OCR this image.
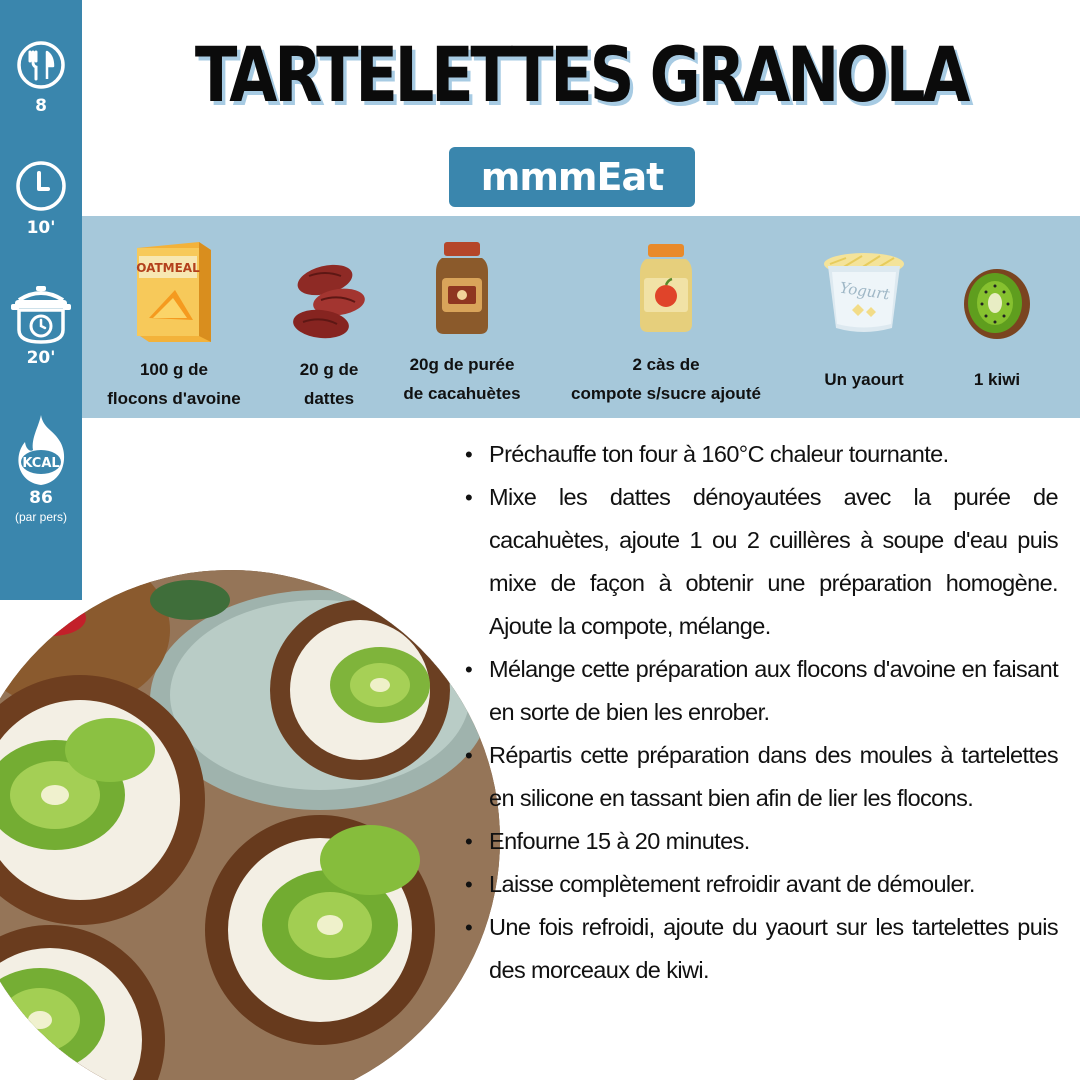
8
10'
20'
KCAL
86
(par pers)
TARTELETTES GRANOLA
mmmEat
OATMEAL
100 g de
flocons d'avoine
20 g de
dattes
20g de purée
de cacahuètes
2 càs de
compote s/sucre ajouté
Yogurt
Un yaourt	1 kiwi
• Préchauffe ton four à 160°C chaleur tournante.
• Mixe les dattes dénoyautées avec la purée de cacahuètes, ajoute 1 ou 2 cuillères à soupe d'eau puis mixe de façon à obtenir une préparation homogène. Ajoute la compote, mélange.
• Mélange cette préparation aux flocons d'avoine en faisant en sorte de bien les enrober.
• Répartis cette préparation dans des moules à tartelettes en silicone en tassant bien afin de lier les flocons.
• Enfourne 15 à 20 minutes.
• Laisse complètement refroidir avant de démouler.
• Une fois refroidi, ajoute du yaourt sur les tartelettes puis des morceaux de kiwi.
